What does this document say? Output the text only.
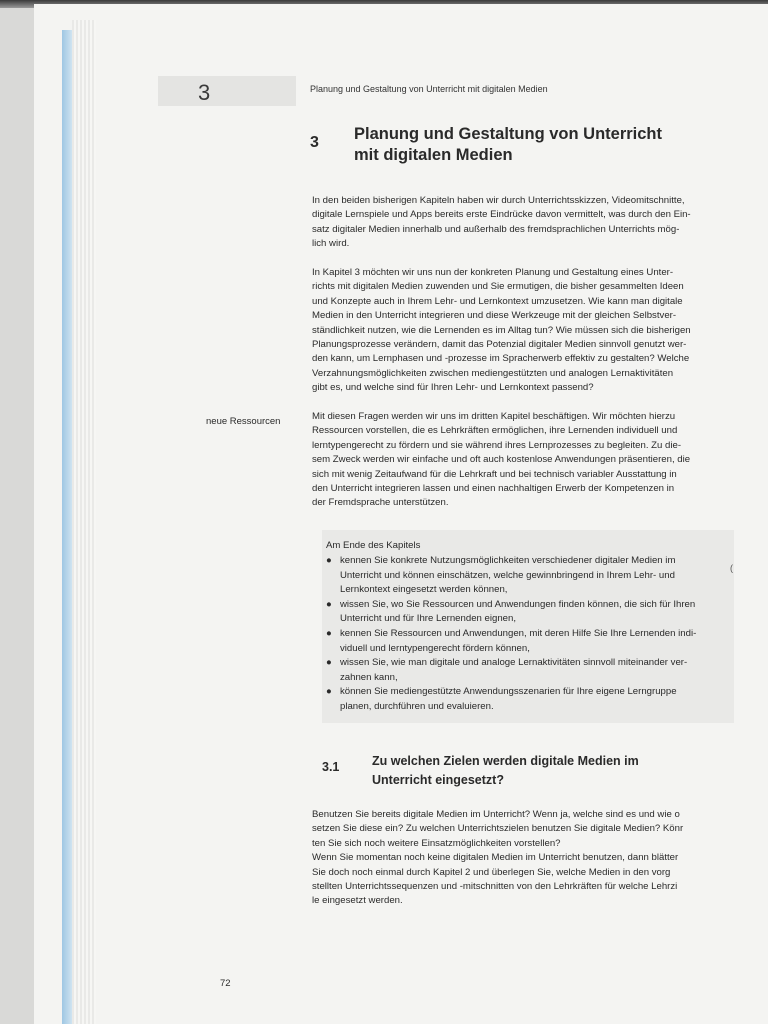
3	Planung und Gestaltung von Unterricht mit digitalen Medien
3 Planung und Gestaltung von Unterricht
mit digitalen Medien

In den beiden bisherigen Kapiteln haben wir durch Unterrichtsskizzen, Videomitschnitte,
digitale Lernspiele und Apps bereits erste Eindrücke davon vermittelt, was durch den Ein-
satz digitaler Medien innerhalb und außerhalb des fremdsprachlichen Unterrichts mög-
lich wird.

In Kapitel 3 möchten wir uns nun der konkreten Planung und Gestaltung eines Unter-
richts mit digitalen Medien zuwenden und Sie ermutigen, die bisher gesammelten Ideen
und Konzepte auch in Ihrem Lehr- und Lernkontext umzusetzen. Wie kann man digitale
Medien in den Unterricht integrieren und diese Werkzeuge mit der gleichen Selbstver-
ständlichkeit nutzen, wie die Lernenden es im Alltag tun? Wie müssen sich die bisherigen
Planungsprozesse verändern, damit das Potenzial digitaler Medien sinnvoll genutzt wer-
den kann, um Lernphasen und -prozesse im Spracherwerb effektiv zu gestalten? Welche
Verzahnungsmöglichkeiten zwischen mediengestützten und analogen Lernaktivitäten
gibt es, und welche sind für Ihren Lehr- und Lernkontext passend?

neue Ressourcen	Mit diesen Fragen werden wir uns im dritten Kapitel beschäftigen. Wir möchten hierzu
Ressourcen vorstellen, die es Lehrkräften ermöglichen, ihre Lernenden individuell und
lerntypengerecht zu fördern und sie während ihres Lernprozesses zu begleiten. Zu die-
sem Zweck werden wir einfache und oft auch kostenlose Anwendungen präsentieren, die
sich mit wenig Zeitaufwand für die Lehrkraft und bei technisch variabler Ausstattung in
den Unterricht integrieren lassen und einen nachhaltigen Erwerb der Kompetenzen in
der Fremdsprache unterstützen.

Am Ende des Kapitels
● kennen Sie konkrete Nutzungsmöglichkeiten verschiedener digitaler Medien im
Unterricht und können einschätzen, welche gewinnbringend in Ihrem Lehr- und
Lernkontext eingesetzt werden können,
● wissen Sie, wo Sie Ressourcen und Anwendungen finden können, die sich für Ihren
Unterricht und für Ihre Lernenden eignen,
● kennen Sie Ressourcen und Anwendungen, mit deren Hilfe Sie Ihre Lernenden indi-
viduell und lerntypengerecht fördern können,
● wissen Sie, wie man digitale und analoge Lernaktivitäten sinnvoll miteinander ver-
zahnen kann,
● können Sie mediengestützte Anwendungsszenarien für Ihre eigene Lerngruppe
planen, durchführen und evaluieren.
(
3.1	Zu welchen Zielen werden digitale Medien im
Unterricht eingesetzt?

Benutzen Sie bereits digitale Medien im Unterricht? Wenn ja, welche sind es und wie o
setzen Sie diese ein? Zu welchen Unterrichtszielen benutzen Sie digitale Medien? Könr
ten Sie sich noch weitere Einsatzmöglichkeiten vorstellen?
Wenn Sie momentan noch keine digitalen Medien im Unterricht benutzen, dann blätter
Sie doch noch einmal durch Kapitel 2 und überlegen Sie, welche Medien in den vorg
stellten Unterrichtssequenzen und -mitschnitten von den Lehrkräften für welche Lehrzi
le eingesetzt werden.

72
